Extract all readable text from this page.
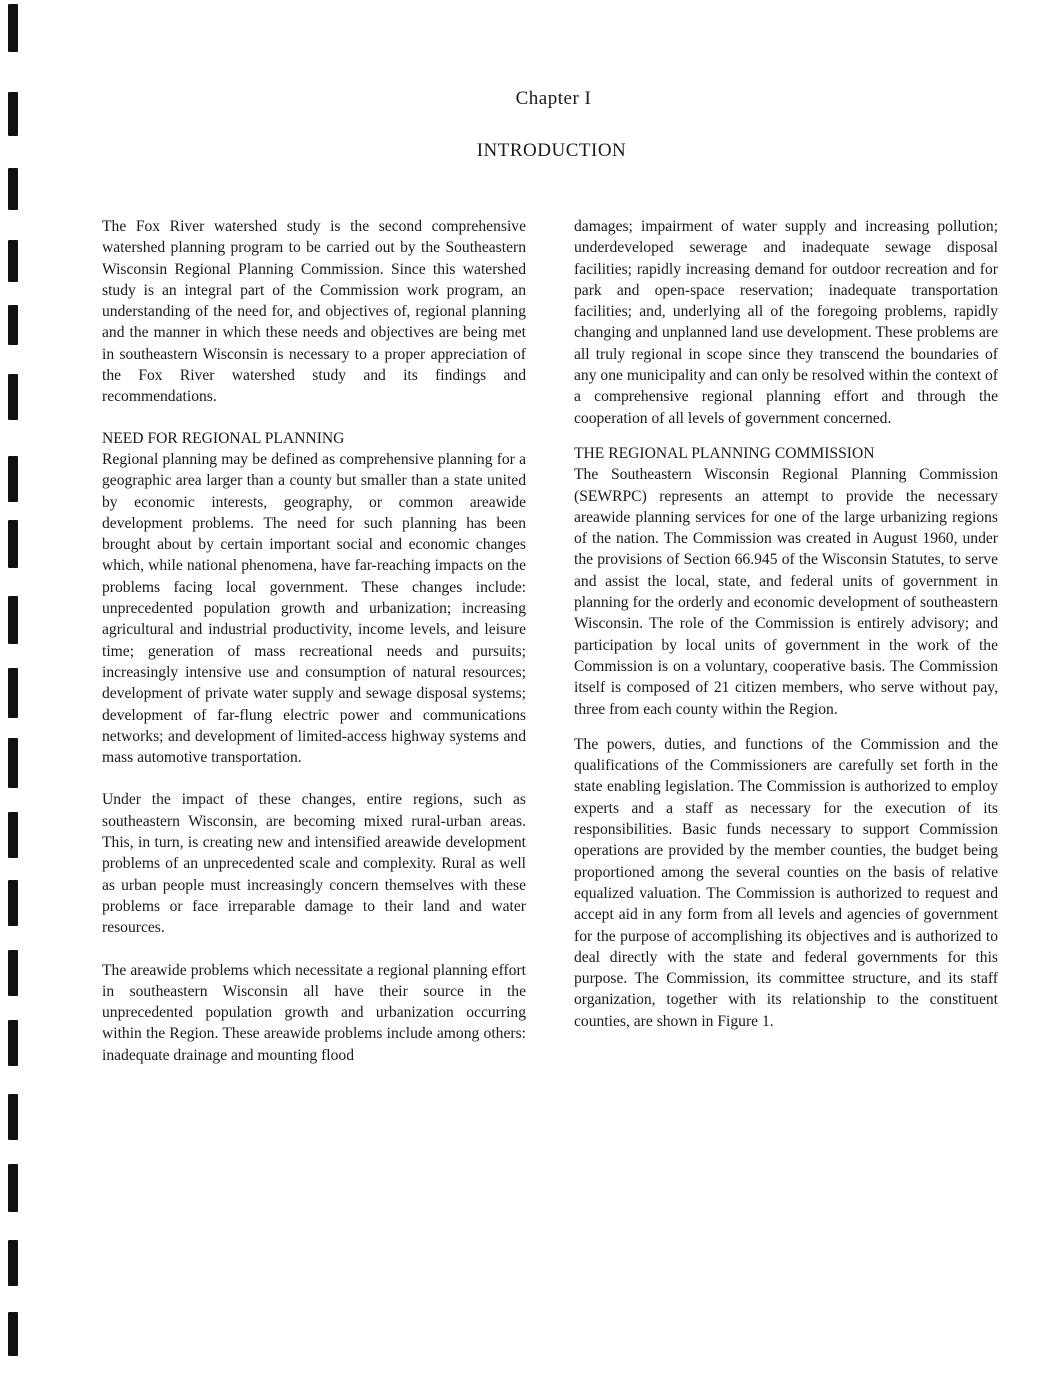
Chapter I
INTRODUCTION

The Fox River watershed study is the second comprehensive watershed planning program to be carried out by the Southeastern Wisconsin Regional Planning Commission. Since this watershed study is an integral part of the Commission work program, an understanding of the need for, and objectives of, regional planning and the manner in which these needs and objectives are being met in southeastern Wisconsin is necessary to a proper appreciation of the Fox River watershed study and its findings and recommendations.

NEED FOR REGIONAL PLANNING

Regional planning may be defined as comprehensive planning for a geographic area larger than a county but smaller than a state united by economic interests, geography, or common areawide development problems. The need for such planning has been brought about by certain important social and economic changes which, while national phenomena, have far-reaching impacts on the problems facing local government. These changes include: unprecedented population growth and urbanization; increasing agricultural and industrial productivity, income levels, and leisure time; generation of mass recreational needs and pursuits; increasingly intensive use and consumption of natural resources; development of private water supply and sewage disposal systems; development of far-flung electric power and communications networks; and development of limited-access highway systems and mass automotive transportation.

Under the impact of these changes, entire regions, such as southeastern Wisconsin, are becoming mixed rural-urban areas. This, in turn, is creating new and intensified areawide development problems of an unprecedented scale and complexity. Rural as well as urban people must increasingly concern themselves with these problems or face irreparable damage to their land and water resources.

The areawide problems which necessitate a regional planning effort in southeastern Wisconsin all have their source in the unprecedented population growth and urbanization occurring within the Region. These areawide problems include among others: inadequate drainage and mounting flood

damages; impairment of water supply and increasing pollution; underdeveloped sewerage and inadequate sewage disposal facilities; rapidly increasing demand for outdoor recreation and for park and open-space reservation; inadequate transportation facilities; and, underlying all of the foregoing problems, rapidly changing and unplanned land use development. These problems are all truly regional in scope since they transcend the boundaries of any one municipality and can only be resolved within the context of a comprehensive regional planning effort and through the cooperation of all levels of government concerned.

THE REGIONAL PLANNING COMMISSION

The Southeastern Wisconsin Regional Planning Commission (SEWRPC) represents an attempt to provide the necessary areawide planning services for one of the large urbanizing regions of the nation. The Commission was created in August 1960, under the provisions of Section 66.945 of the Wisconsin Statutes, to serve and assist the local, state, and federal units of government in planning for the orderly and economic development of southeastern Wisconsin. The role of the Commission is entirely advisory; and participation by local units of government in the work of the Commission is on a voluntary, cooperative basis. The Commission itself is composed of 21 citizen members, who serve without pay, three from each county within the Region.

The powers, duties, and functions of the Commission and the qualifications of the Commissioners are carefully set forth in the state enabling legislation. The Commission is authorized to employ experts and a staff as necessary for the execution of its responsibilities. Basic funds necessary to support Commission operations are provided by the member counties, the budget being proportioned among the several counties on the basis of relative equalized valuation. The Commission is authorized to request and accept aid in any form from all levels and agencies of government for the purpose of accomplishing its objectives and is authorized to deal directly with the state and federal governments for this purpose. The Commission, its committee structure, and its staff organization, together with its relationship to the constituent counties, are shown in Figure 1.
